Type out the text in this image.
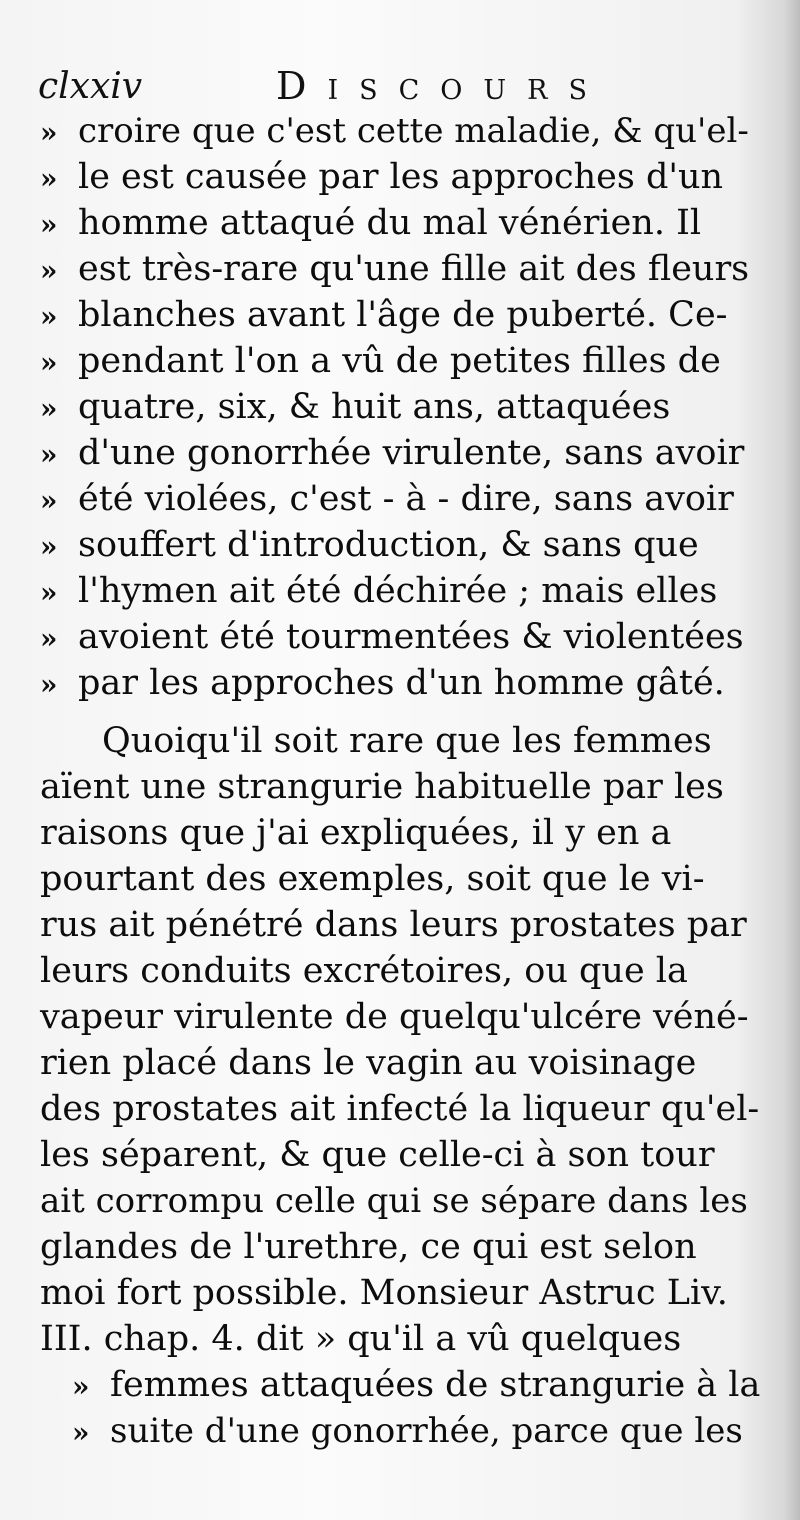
clxxiv	Discours
» croire que c'est cette maladie, & qu'el-
» le est causée par les approches d'un
» homme attaqué du mal vénérien. Il
» est très-rare qu'une fille ait des fleurs
» blanches avant l'âge de puberté. Ce-
» pendant l'on a vû de petites filles de
» quatre, six, & huit ans, attaquées
» d'une gonorrhée virulente, sans avoir
» été violées, c'est - à - dire, sans avoir
» souffert d'introduction, & sans que
» l'hymen ait été déchirée ; mais elles
» avoient été tourmentées & violentées
» par les approches d'un homme gâté.
Quoiqu'il soit rare que les femmes
aïent une strangurie habituelle par les
raisons que j'ai expliquées, il y en a
pourtant des exemples, soit que le vi-
rus ait pénétré dans leurs prostates par
leurs conduits excrétoires, ou que la
vapeur virulente de quelqu'ulcére véné-
rien placé dans le vagin au voisinage
des prostates ait infecté la liqueur qu'el-
les séparent, & que celle-ci à son tour
ait corrompu celle qui se sépare dans les
glandes de l'urethre, ce qui est selon
moi fort possible. Monsieur Astruc Liv.
III. chap. 4. dit » qu'il a vû quelques
» femmes attaquées de strangurie à la
» suite d'une gonorrhée, parce que les
